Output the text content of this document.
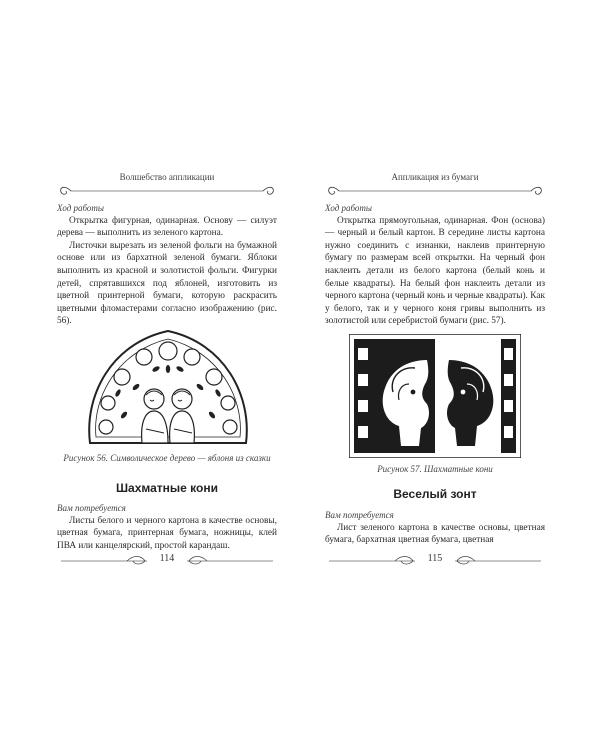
Волшебство аппликации

Ход работы

Открытка фигурная, одинарная. Основу — силуэт дерева — выполнить из зеленого картона.

Листочки вырезать из зеленой фольги на бумажной основе или из бархатной зеленой бумаги. Яблоки выполнить из красной и золотистой фольги. Фигурки детей, спрятавшихся под яблоней, изготовить из цветной принтерной бумаги, которую раскрасить цветными фломастерами согласно изображению (рис. 56).

Рисунок 56. Символическое дерево — яблоня из сказки
Шахматные кони

Вам потребуется

Листы белого и черного картона в качестве основы, цветная бумага, принтерная бумага, ножницы, клей ПВА или канцелярский, простой карандаш.

114
Аппликация из бумаги

Ход работы

Открытка прямоугольная, одинарная. Фон (основа) — черный и белый картон. В середине листы картона нужно соединить с изнанки, наклеив принтерную бумагу по размерам всей открытки. На черный фон наклеить детали из белого картона (белый конь и белые квадраты). На белый фон наклеить детали из черного картона (черный конь и черные квадраты). Как у белого, так и у черного коня гривы выполнить из золотистой или серебристой бумаги (рис. 57).

Рисунок 57. Шахматные кони
Веселый зонт

Вам потребуется

Лист зеленого картона в качестве основы, цветная бумага, бархатная цветная бумага, цветная

115
